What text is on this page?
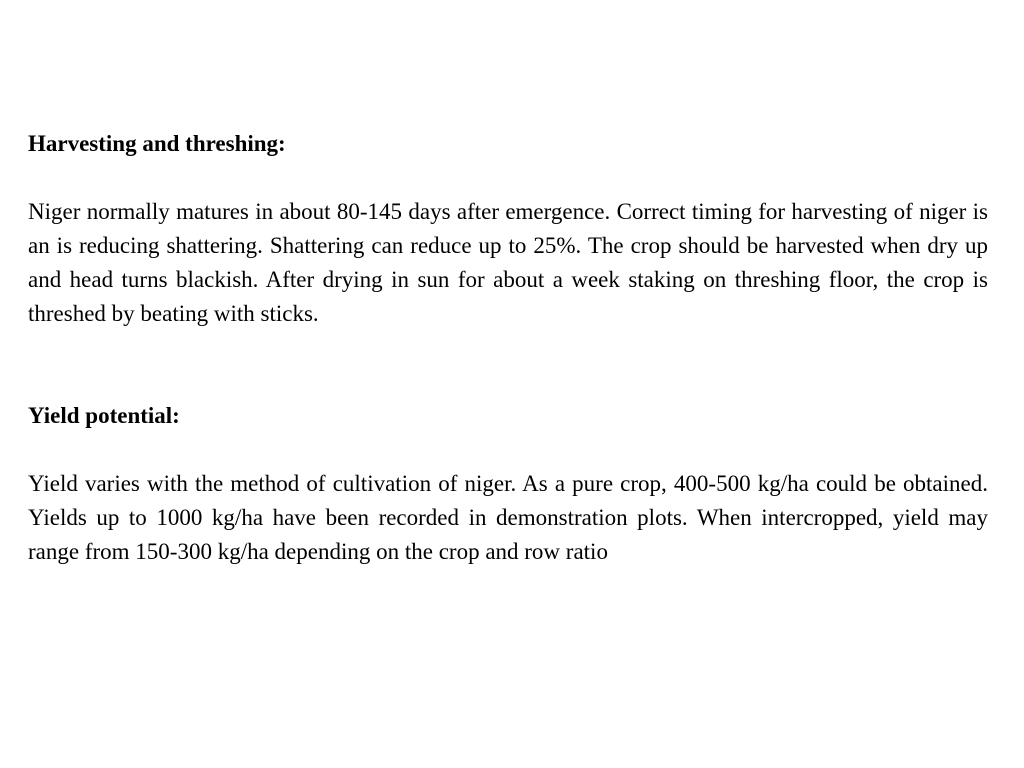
Harvesting and threshing:

Niger normally matures in about 80-145 days after emergence. Correct timing for harvesting of niger is an is reducing shattering. Shattering can reduce up to 25%. The crop should be harvested when dry up and head turns blackish. After drying in sun for about a week staking on threshing floor, the crop is threshed by beating with sticks.

Yield potential:

Yield varies with the method of cultivation of niger. As a pure crop, 400-500 kg/ha could be obtained. Yields up to 1000 kg/ha have been recorded in demonstration plots. When intercropped, yield may range from 150-300 kg/ha depending on the crop and row ratio
